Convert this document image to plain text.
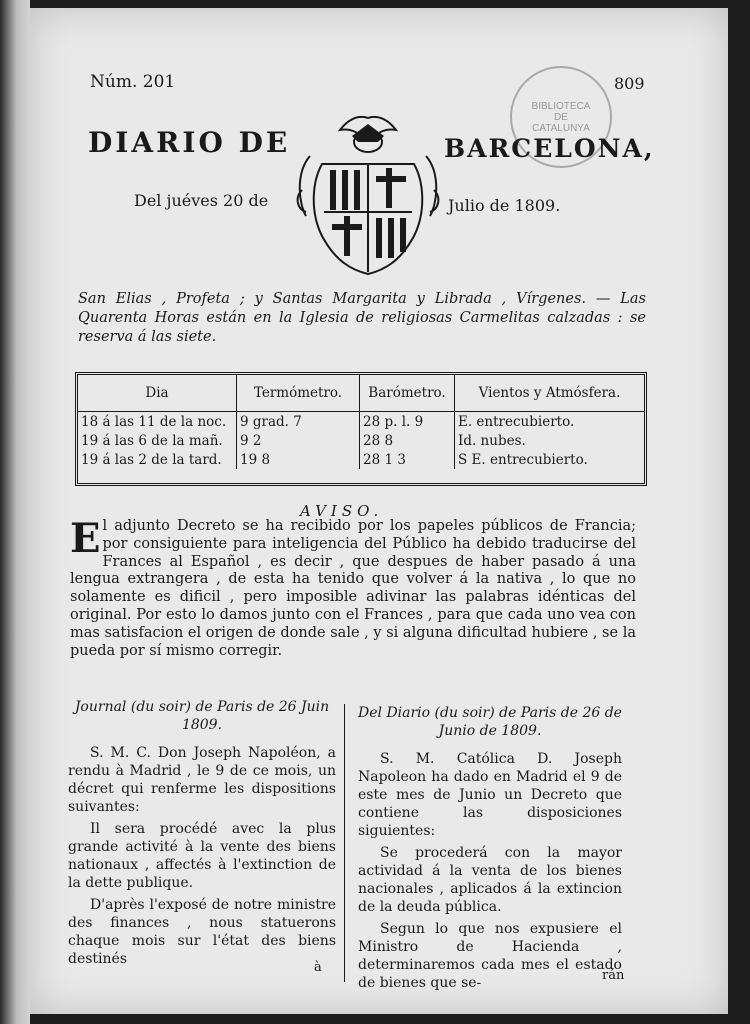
Núm. 201
BIBLIOTECA
DE
CATALUNYA
809
DIARIO DE	BARCELONA,
Del juéves 20 de	Julio de 1809.
San Elias , Profeta ; y Santas Margarita y Librada , Vírgenes. — Las Quarenta Horas están en la Iglesia de religiosas Carmelitas calzadas : se reserva á las siete.
Dia	Termómetro.	Barómetro.	Vientos y Atmósfera.
18 á las 11 de la noc.	9 grad. 7	28 p. l. 9	E. entrecubierto.
19 á las 6 de la mañ.	9 2	28 8	Id. nubes.
19 á las 2 de la tard.	19 8	28 1 3	S E. entrecubierto.
AVISO.
El adjunto Decreto se ha recibido por los papeles públicos de Francia; por consiguiente para inteligencia del Público ha debido traducirse del Frances al Español , es decir , que despues de haber pasado á una lengua extrangera , de esta ha tenido que volver á la nativa , lo que no solamente es dificil , pero imposible adivinar las palabras idénticas del original. Por esto lo damos junto con el Frances , para que cada uno vea con mas satisfacion el origen de donde sale , y si alguna dificultad hubiere , se la pueda por sí mismo corregir.
Journal (du soir) de Paris de 26 Juin 1809.

S. M. C. Don Joseph Napoléon, a rendu à Madrid , le 9 de ce mois, un décret qui renferme les dispositions suivantes:

Il sera procédé avec la plus grande activité à la vente des biens nationaux , affectés à l'extinction de la dette publique.

D'après l'exposé de notre ministre des finances , nous statuerons chaque mois sur l'état des biens destinés

à
Del Diario (du soir) de Paris de 26 de Junio de 1809.

S. M. Católica D. Joseph Napoleon ha dado en Madrid el 9 de este mes de Junio un Decreto que contiene las disposiciones siguientes:

Se procederá con la mayor actividad á la venta de los bienes nacionales , aplicados á la extincion de la deuda pública.

Segun lo que nos expusiere el Ministro de Hacienda , determinaremos cada mes el estado de bienes que se-	rán
